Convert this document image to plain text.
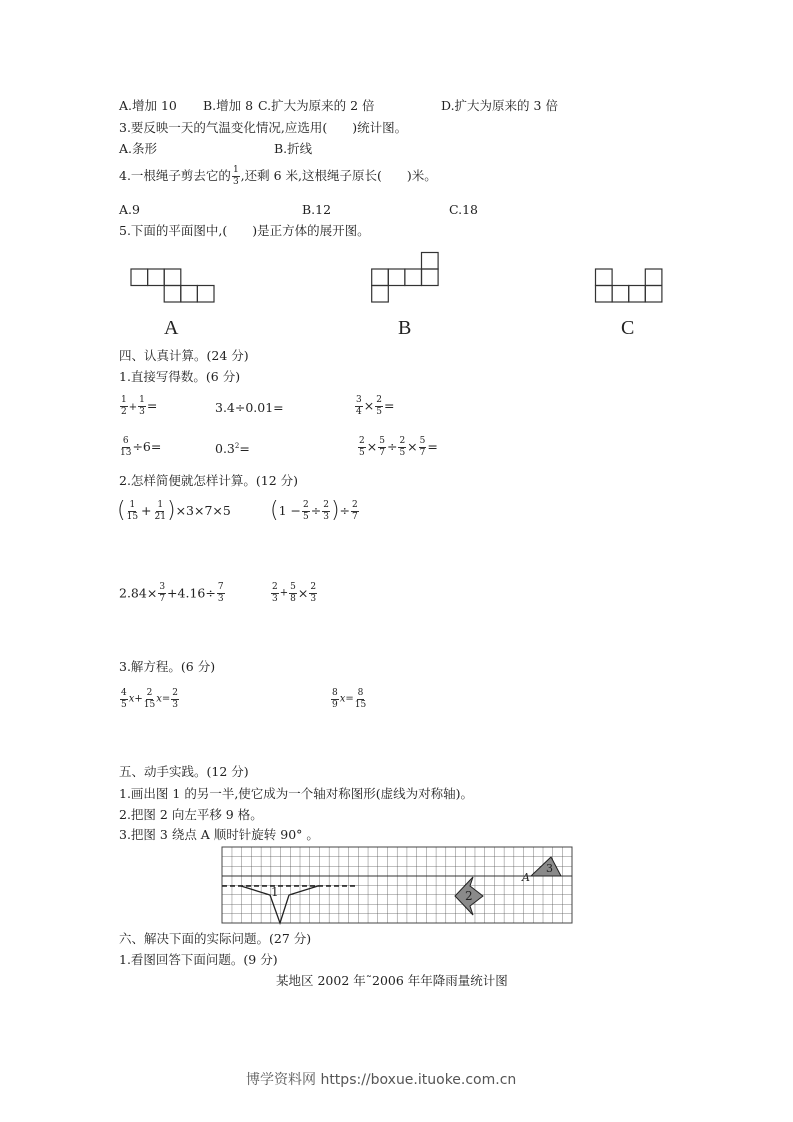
A.增加 10 B.增加 8 C.扩大为原来的 2 倍	D.扩大为原来的 3 倍
3.要反映一天的气温变化情况,应选用(　　)统计图。
A.条形	B.折线
4.一根绳子剪去它的 $\frac{1}{3}$ ,还剩 6 米,这根绳子原长(　　)米。
A.9	B.12	C.18
5.下面的平面图中,(　　)是正方体的展开图。
A	B	C
四、认真计算。(24 分)
1.直接写得数。(6 分)
$\frac{1}{2} + \frac{1}{3}$ =	3.4÷0.01=	$\frac{3}{4} \times \frac{2}{5}$ =
$\frac{6}{13} \div 6=$	$0.3^2=$	$\frac{2}{5} \times \frac{5}{7} \div \frac{2}{5} \times \frac{5}{7}$ =
2.怎样简便就怎样计算。(12 分)
( $\frac{1}{15} + \frac{1}{21} )\times 3\times 7\times 5$ ($1 - \frac{2}{5} \div \frac{2}{3}$ )÷ $\frac{2}{7}$
$2.84\times \frac{3}{7} +4.16\div \frac{7}{3}$	$\frac{2}{3} + \frac{5}{8} \times \frac{2}{3}$
3.解方程。(6 分)
$\frac{4}{5} x+ \frac{2}{15} x= \frac{2}{3}$	$\frac{8}{9} x= \frac{8}{15}$
五、动手实践。(12 分)
1.画出图 1 的另一半,使它成为一个轴对称图形(虚线为对称轴)。
2.把图 2 向左平移 9 格。
3.把图 3 绕点 A 顺时针旋转 90° 。
1	2
3
A
六、解决下面的实际问题。(27 分)
1.看图回答下面问题。(9 分)
某地区 2002 年˜2006 年年降雨量统计图
博学资料网 https://boxue.ituoke.com.cn
